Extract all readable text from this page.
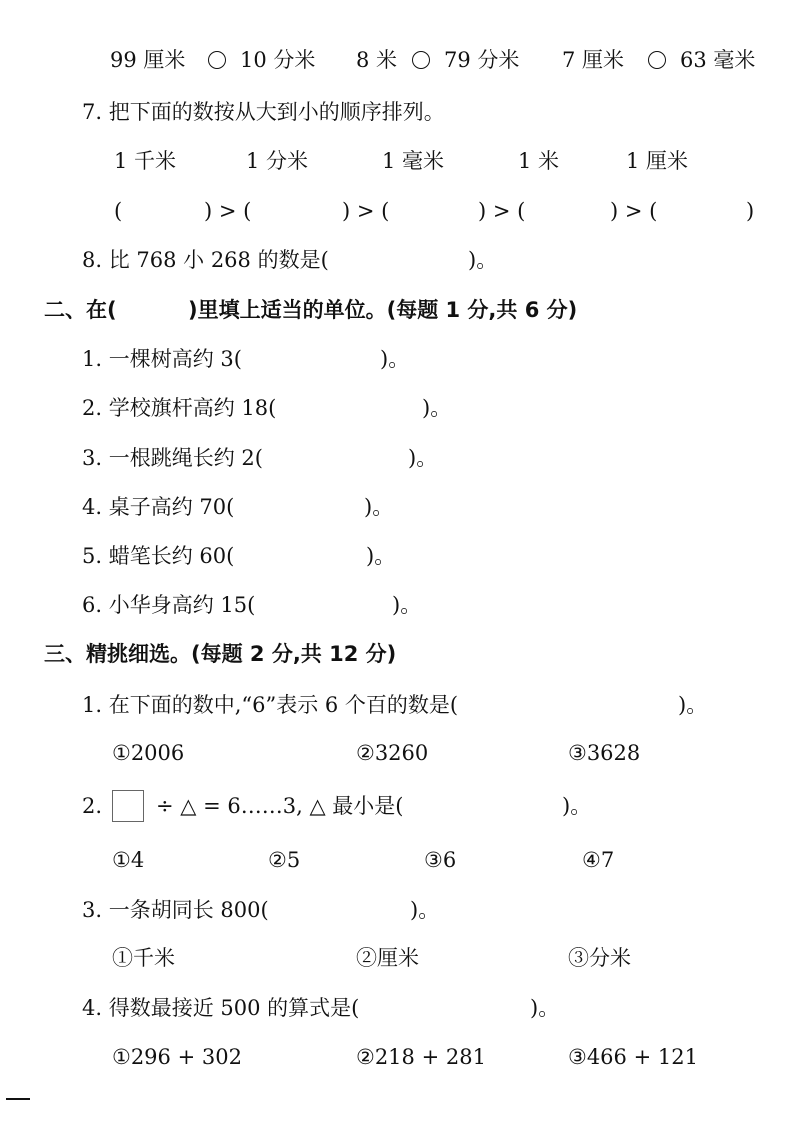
99 厘米	10 分米 8 米 79 分米 7 厘米	63 毫米
7. 把下面的数按从大到小的顺序排列。
1 千米	1 分米	1 毫米	1 米	1 厘米
(	) > (	) > (	) > (	) > (	)
8. 比 768 小 268 的数是(	)。
二、在(	)里填上适当的单位。(每题 1 分,共 6 分)
1. 一棵树高约 3(	)。
2. 学校旗杆高约 18(	)。
3. 一根跳绳长约 2(	)。
4. 桌子高约 70(	)。
5. 蜡笔长约 60(	)。
6. 小华身高约 15(	)。
三、精挑细选。(每题 2 分,共 12 分)
1. 在下面的数中,“6”表示 6 个百的数是(	)。
①2006	②3260	③3628
2.	÷ △ = 6……3, △ 最小是(	)。
①4	②5	③6	④7
3. 一条胡同长 800(	)。
①千米	②厘米	③分米
4. 得数最接近 500 的算式是(	)。
①296 + 302	②218 + 281	③466 + 121
